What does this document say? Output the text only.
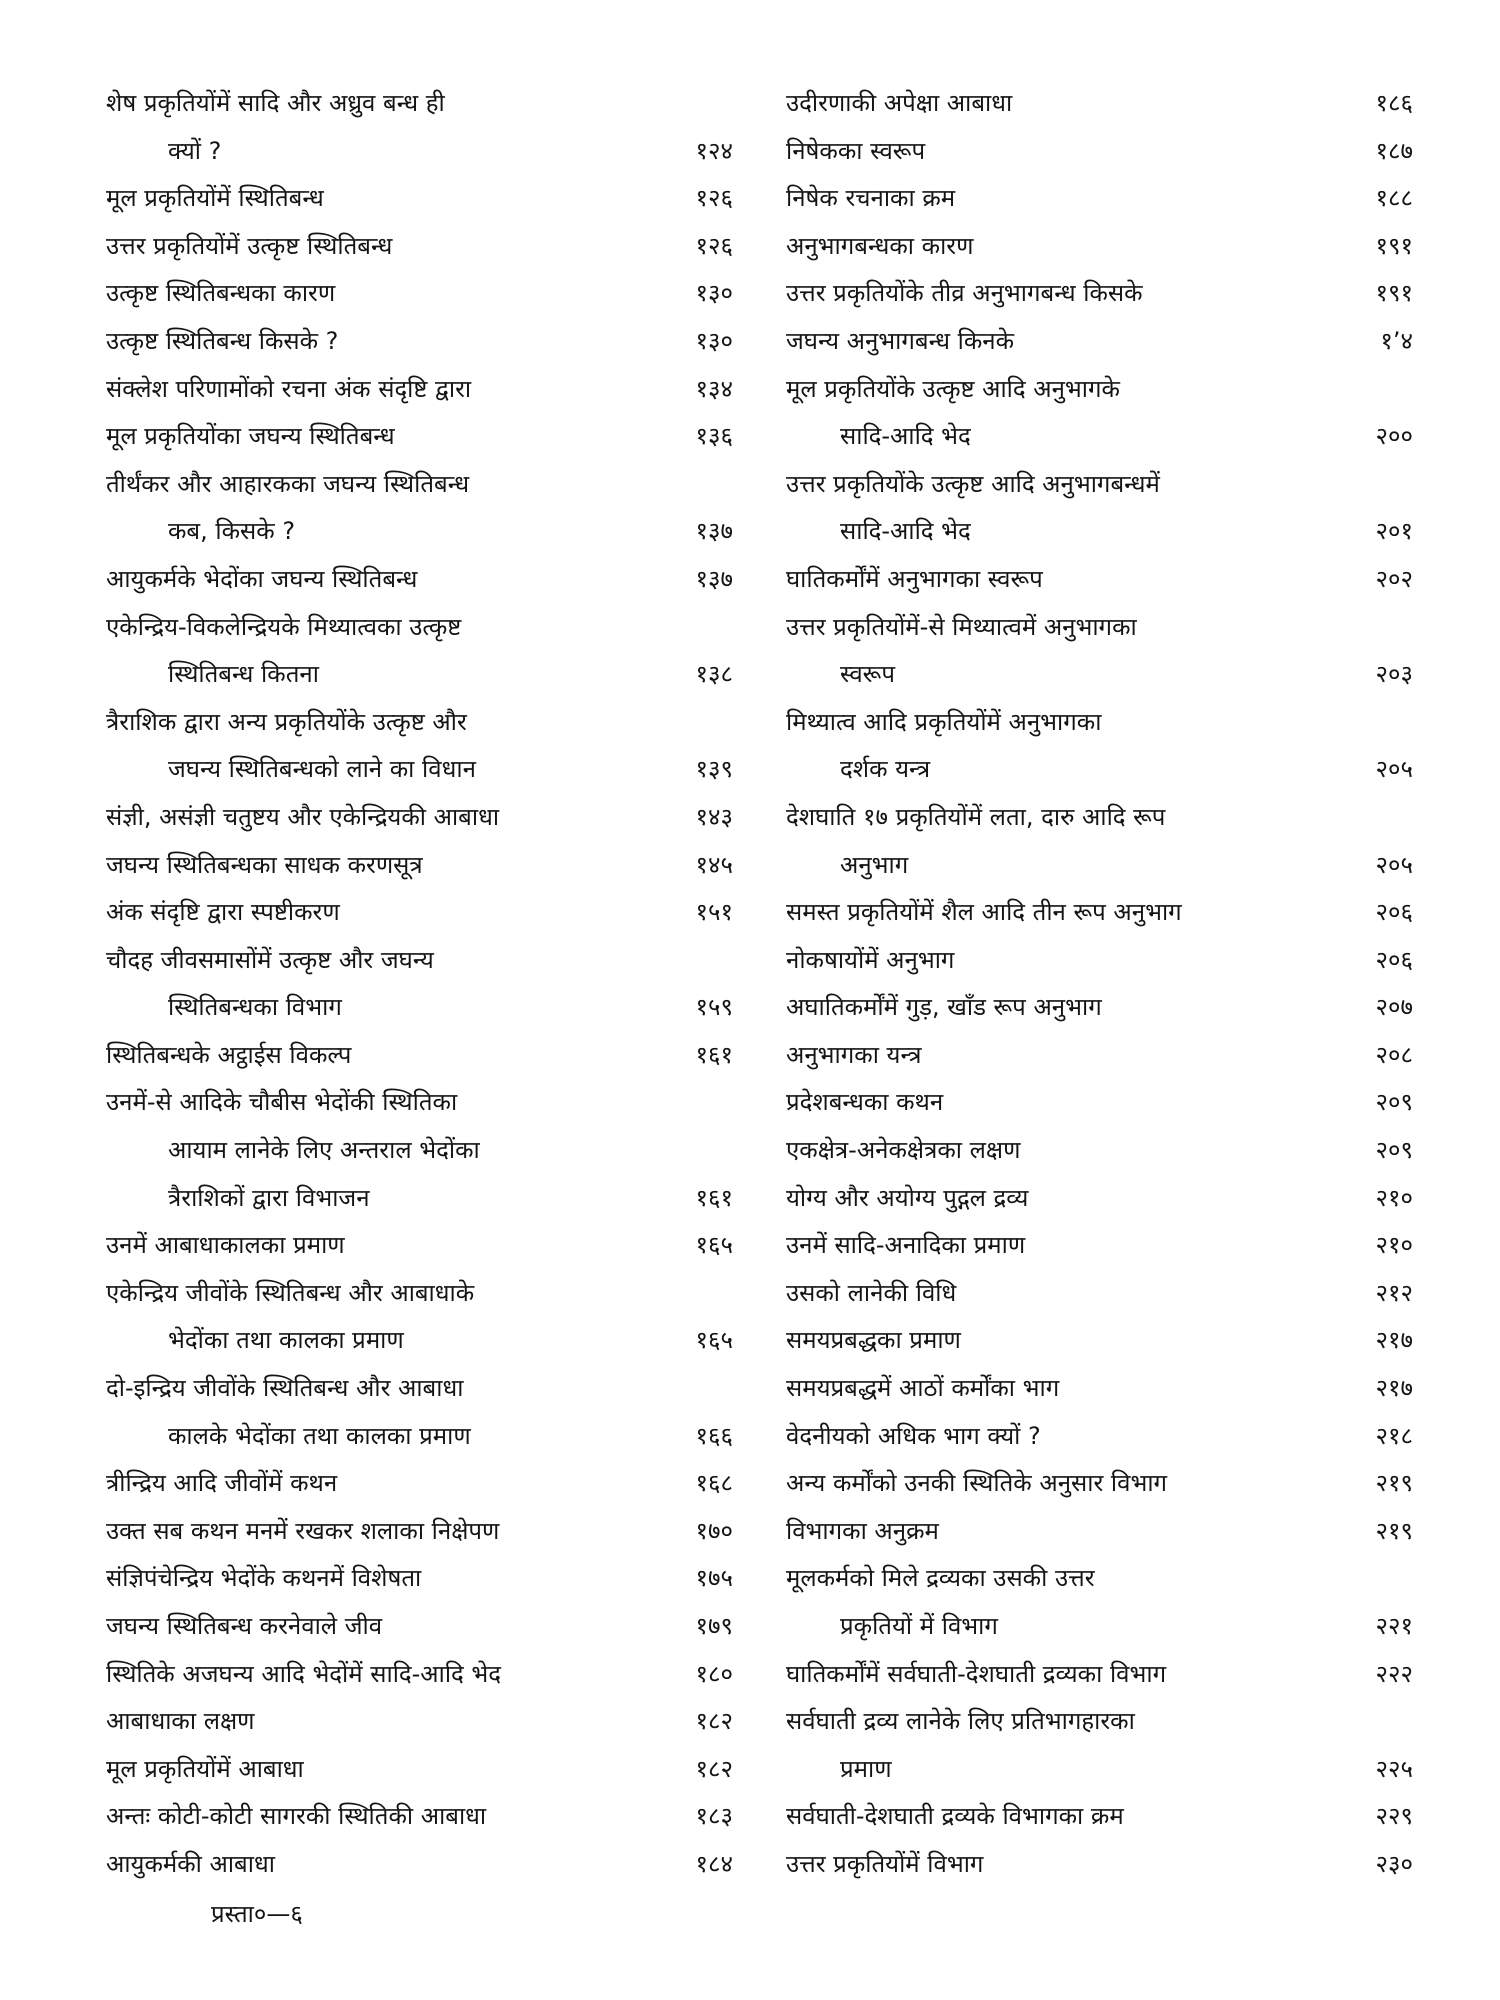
शेष प्रकृतियोंमें सादि और अध्रुव बन्ध ही
क्यों ?	१२४
मूल प्रकृतियोंमें स्थितिबन्ध	१२६
उत्तर प्रकृतियोंमें उत्कृष्ट स्थितिबन्ध	१२६
उत्कृष्ट स्थितिबन्धका कारण	१३०
उत्कृष्ट स्थितिबन्ध किसके ?	१३०
संक्लेश परिणामोंको रचना अंक संदृष्टि द्वारा	१३४
मूल प्रकृतियोंका जघन्य स्थितिबन्ध	१३६
तीर्थंकर और आहारकका जघन्य स्थितिबन्ध
कब, किसके ?	१३७
आयुकर्मके भेदोंका जघन्य स्थितिबन्ध	१३७
एकेन्द्रिय-विकलेन्द्रियके मिथ्यात्वका उत्कृष्ट
स्थितिबन्ध कितना	१३८
त्रैराशिक द्वारा अन्य प्रकृतियोंके उत्कृष्ट और
जघन्य स्थितिबन्धको लाने का विधान	१३९
संज्ञी, असंज्ञी चतुष्टय और एकेन्द्रियकी आबाधा	१४३
जघन्य स्थितिबन्धका साधक करणसूत्र	१४५
अंक संदृष्टि द्वारा स्पष्टीकरण	१५१
चौदह जीवसमासोंमें उत्कृष्ट और जघन्य
स्थितिबन्धका विभाग	१५९
स्थितिबन्धके अट्ठाईस विकल्प	१६१
उनमें-से आदिके चौबीस भेदोंकी स्थितिका
आयाम लानेके लिए अन्तराल भेदोंका
त्रैराशिकों द्वारा विभाजन	१६१
उनमें आबाधाकालका प्रमाण	१६५
एकेन्द्रिय जीवोंके स्थितिबन्ध और आबाधाके
भेदोंका तथा कालका प्रमाण	१६५
दो-इन्द्रिय जीवोंके स्थितिबन्ध और आबाधा
कालके भेदोंका तथा कालका प्रमाण	१६६
त्रीन्द्रिय आदि जीवोंमें कथन	१६८
उक्त सब कथन मनमें रखकर शलाका निक्षेपण	१७०
संज्ञिपंचेन्द्रिय भेदोंके कथनमें विशेषता	१७५
जघन्य स्थितिबन्ध करनेवाले जीव	१७९
स्थितिके अजघन्य आदि भेदोंमें सादि-आदि भेद	१८०
आबाधाका लक्षण	१८२
मूल प्रकृतियोंमें आबाधा	१८२
अन्तः कोटी-कोटी सागरकी स्थितिकी आबाधा	१८३
आयुकर्मकी आबाधा	१८४
उदीरणाकी अपेक्षा आबाधा	१८६
निषेकका स्वरूप	१८७
निषेक रचनाका क्रम	१८८
अनुभागबन्धका कारण	१९१
उत्तर प्रकृतियोंके तीव्र अनुभागबन्ध किसके	१९१
जघन्य अनुभागबन्ध किनके	१’४
मूल प्रकृतियोंके उत्कृष्ट आदि अनुभागके
सादि-आदि भेद	२००
उत्तर प्रकृतियोंके उत्कृष्ट आदि अनुभागबन्धमें
सादि-आदि भेद	२०१
घातिकर्मोंमें अनुभागका स्वरूप	२०२
उत्तर प्रकृतियोंमें-से मिथ्यात्वमें अनुभागका
स्वरूप	२०३
मिथ्यात्व आदि प्रकृतियोंमें अनुभागका
दर्शक यन्त्र	२०५
देशघाति १७ प्रकृतियोंमें लता, दारु आदि रूप
अनुभाग	२०५
समस्त प्रकृतियोंमें शैल आदि तीन रूप अनुभाग	२०६
नोकषायोंमें अनुभाग	२०६
अघातिकर्मोंमें गुड़, खाँड रूप अनुभाग	२०७
अनुभागका यन्त्र	२०८
प्रदेशबन्धका कथन	२०९
एकक्षेत्र-अनेकक्षेत्रका लक्षण	२०९
योग्य और अयोग्य पुद्गल द्रव्य	२१०
उनमें सादि-अनादिका प्रमाण	२१०
उसको लानेकी विधि	२१२
समयप्रबद्धका प्रमाण	२१७
समयप्रबद्धमें आठों कर्मोंका भाग	२१७
वेदनीयको अधिक भाग क्यों ?	२१८
अन्य कर्मोंको उनकी स्थितिके अनुसार विभाग	२१९
विभागका अनुक्रम	२१९
मूलकर्मको मिले द्रव्यका उसकी उत्तर
प्रकृतियों में विभाग	२२१
घातिकर्मोंमें सर्वघाती-देशघाती द्रव्यका विभाग	२२२
सर्वघाती द्रव्य लानेके लिए प्रतिभागहारका
प्रमाण	२२५
सर्वघाती-देशघाती द्रव्यके विभागका क्रम	२२९
उत्तर प्रकृतियोंमें विभाग	२३०
प्रस्ता०—६
